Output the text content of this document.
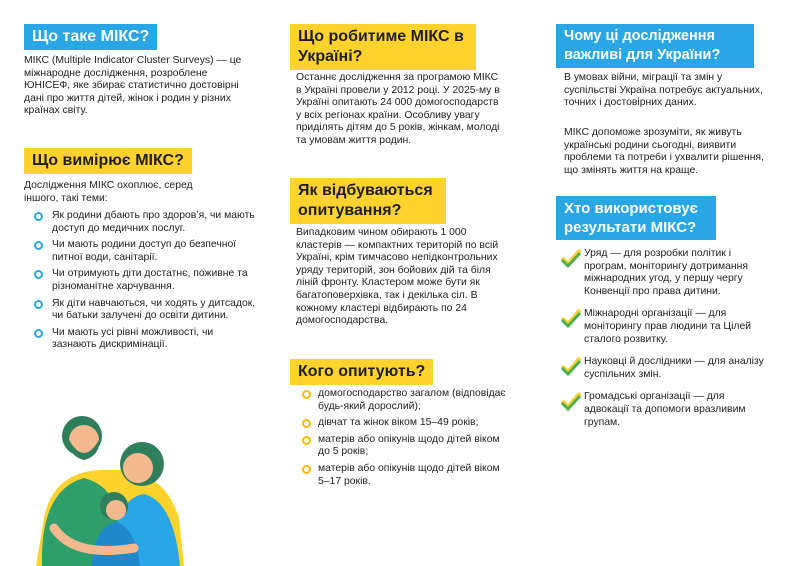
Що таке МІКС?
МІКС (Multiple Indicator Cluster Surveys) — це міжнародне дослідження, розроблене ЮНІСЕФ, яке збирає статистично достовірні дані про життя дітей, жінок і родин у різних країнах світу.
Що вимірює МІКС?
Дослідження МІКС охоплює, серед іншого, такі теми:
Як родини дбають про здоров’я, чи мають доступ до медичних послуг.
Чи мають родини доступ до безпечної питної води, санітарії.
Чи отримують діти достатнє, поживне та різноманітне харчування.
Як діти навчаються, чи ходять у дитсадок, чи батьки залучені до освіти дитини.
Чи мають усі рівні можливості, чи зазнають дискримінації.
Що робитиме МІКС в Україні?
Останнє дослідження за програмою МІКС в Україні провели у 2012 році. У 2025-му в Україні опитають 24 000 домогосподарств у всіх регіонах країни. Особливу увагу приділять дітям до 5 років, жінкам, молоді та умовам життя родин.
Як відбуваються опитування?
Випадковим чином обирають 1 000 кластерів — компактних територій по всій Україні, крім тимчасово непідконтрольних уряду територій, зон бойових дій та біля ліній фронту. Кластером може бути як багатоповерхівка, так і декілька сіл. В кожному кластері відбирають по 24 домогосподарства.
Кого опитують?
домогосподарство загалом (відповідає будь-який дорослий);
дівчат та жінок віком 15–49 років;
матерів або опікунів щодо дітей віком до 5 років;
матерів або опікунів щодо дітей віком 5–17 років.
Чому ці дослідження важливі для України?
В умовах війни, міграції та змін у суспільстві Україна потребує актуальних, точних і достовірних даних.
МІКС допоможе зрозуміти, як живуть українські родини сьогодні, виявити проблеми та потреби і ухвалити рішення, що змінять життя на краще.
Хто використовує результати МІКС?
Уряд — для розробки політик і програм, моніторингу дотримання міжнародних угод, у першу чергу Конвенції про права дитини.
Міжнародні організації — для моніторингу прав людини та Цілей сталого розвитку.
Науковці й дослідники — для аналізу суспільних змін.
Громадські організації — для адвокації та допомоги вразливим групам.
